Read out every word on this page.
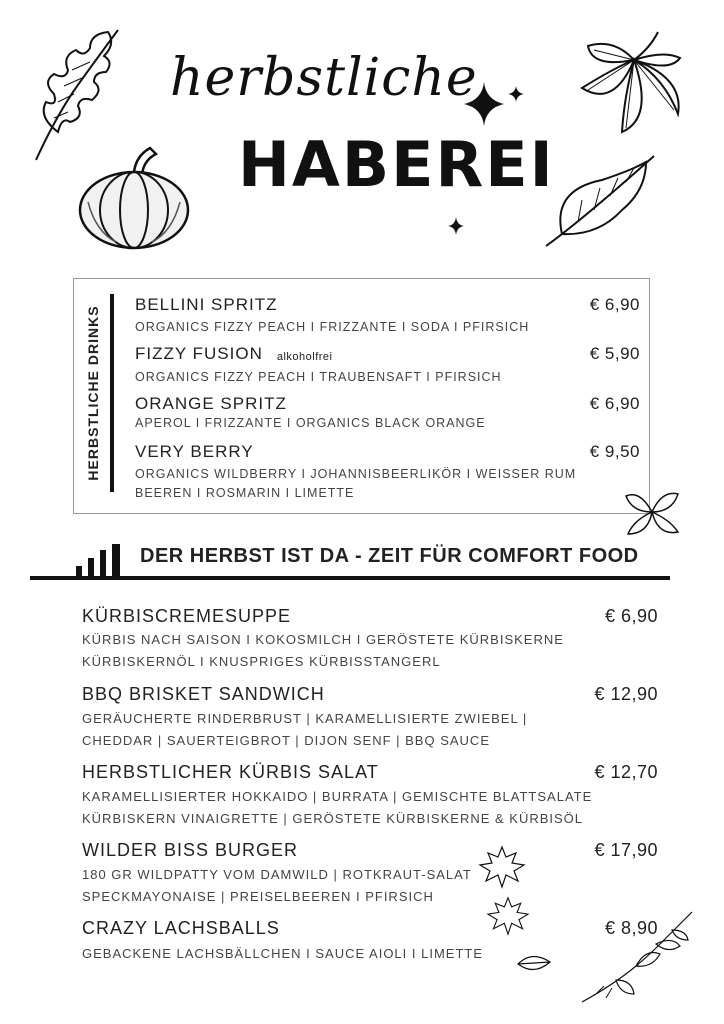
herbstliche
HABEREI
HERBSTLICHE DRINKS
BELLINI SPRITZ	€ 6,90
ORGANICS FIZZY PEACH I FRIZZANTE I SODA I PFIRSICH
FIZZY FUSION alkoholfrei	€ 5,90
ORGANICS FIZZY PEACH I TRAUBENSAFT I PFIRSICH
ORANGE SPRITZ	€ 6,90
APEROL I FRIZZANTE I ORGANICS BLACK ORANGE
VERY BERRY	€ 9,50
ORGANICS WILDBERRY I JOHANNISBEERLIKÖR I WEISSER RUM
BEEREN I ROSMARIN I LIMETTE
DER HERBST IST DA - ZEIT FÜR COMFORT FOOD
KÜRBISCREMESUPPE	€ 6,90
KÜRBIS NACH SAISON I KOKOSMILCH I GERÖSTETE KÜRBISKERNE
KÜRBISKERNÖL I KNUSPRIGES KÜRBISSTANGERL
BBQ BRISKET SANDWICH	€ 12,90
GERÄUCHERTE RINDERBRUST | KARAMELLISIERTE ZWIEBEL |
CHEDDAR | SAUERTEIGBROT | DIJON SENF | BBQ SAUCE
HERBSTLICHER KÜRBIS SALAT	€ 12,70
KARAMELLISIERTER HOKKAIDO | BURRATA | GEMISCHTE BLATTSALATE
KÜRBISKERN VINAIGRETTE | GERÖSTETE KÜRBISKERNE & KÜRBISÖL
WILDER BISS BURGER	€ 17,90
180 GR WILDPATTY VOM DAMWILD | ROTKRAUT-SALAT
SPECKMAYONAISE | PREISELBEEREN I PFIRSICH
CRAZY LACHSBALLS	€ 8,90
GEBACKENE LACHSBÄLLCHEN I SAUCE AIOLI I LIMETTE
